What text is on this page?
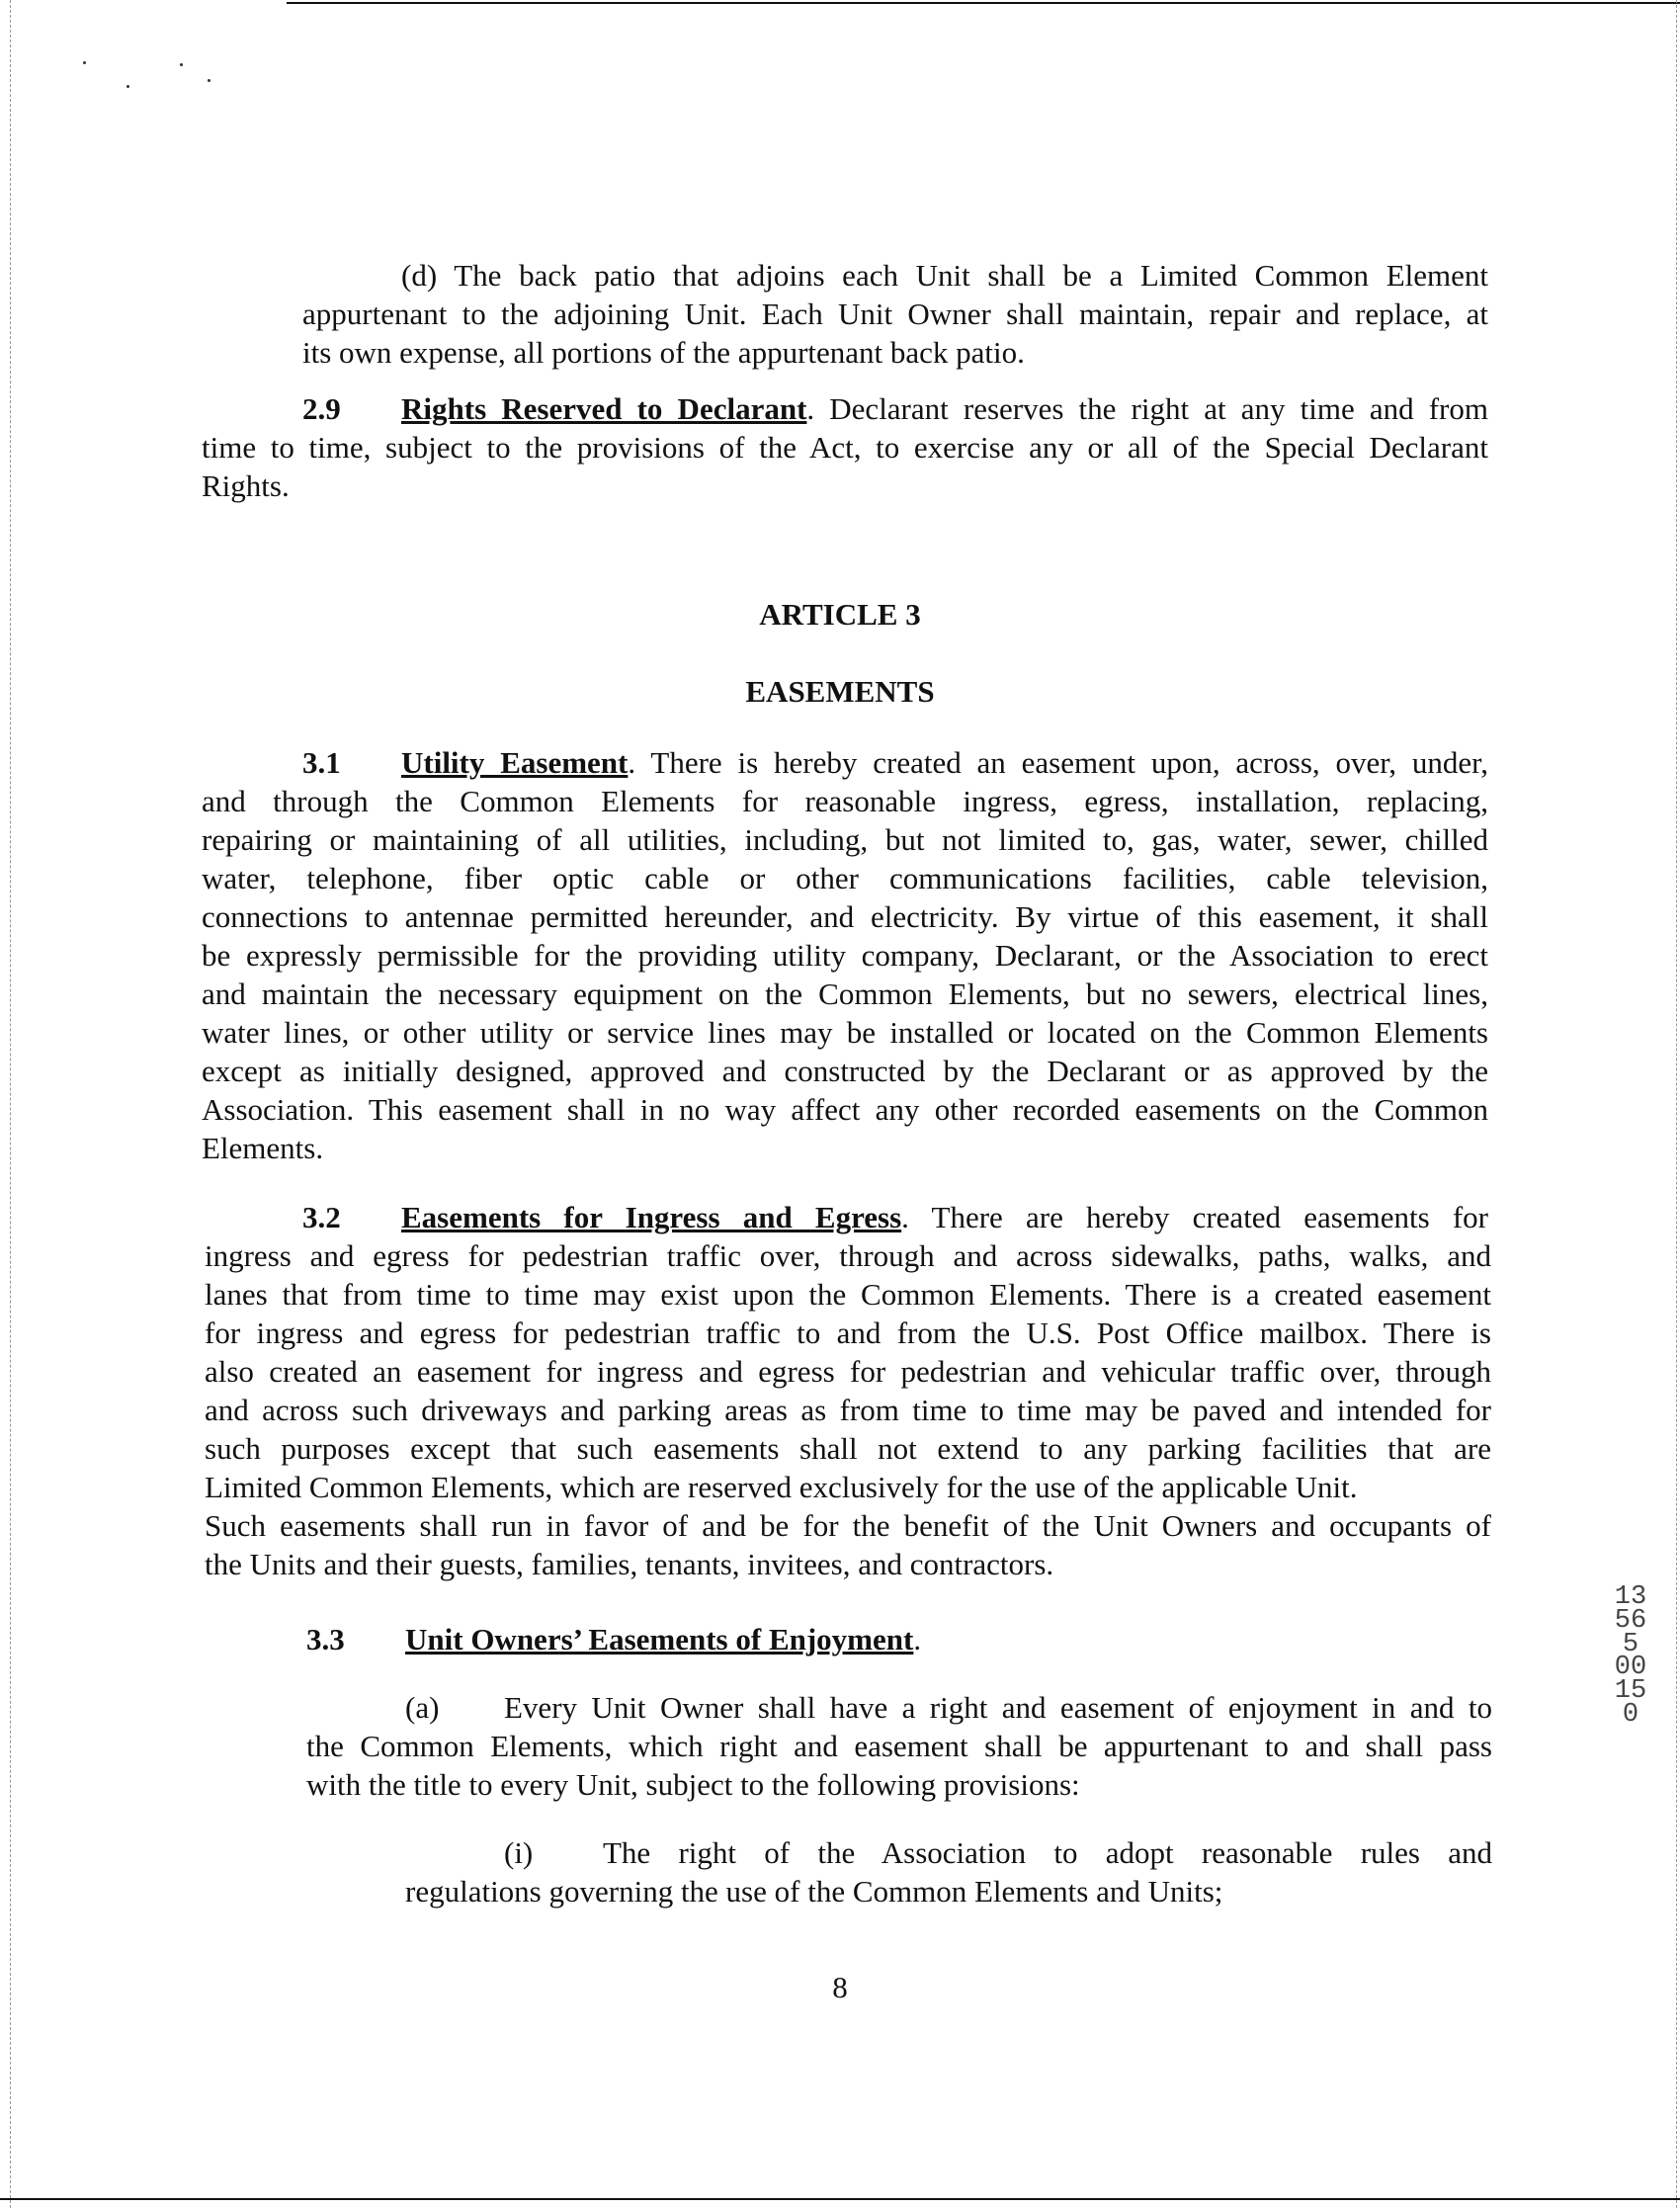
(d) The back patio that adjoins each Unit shall be a Limited Common Element

appurtenant to the adjoining Unit. Each Unit Owner shall maintain, repair and replace, at

its own expense, all portions of the appurtenant back patio.

2.9 Rights Reserved to Declarant. Declarant reserves the right at any time and from

time to time, subject to the provisions of the Act, to exercise any or all of the Special Declarant

Rights.

ARTICLE 3
EASEMENTS

3.1 Utility Easement. There is hereby created an easement upon, across, over, under,

and through the Common Elements for reasonable ingress, egress, installation, replacing,

repairing or maintaining of all utilities, including, but not limited to, gas, water, sewer, chilled

water, telephone, fiber optic cable or other communications facilities, cable television,

connections to antennae permitted hereunder, and electricity. By virtue of this easement, it shall

be expressly permissible for the providing utility company, Declarant, or the Association to erect

and maintain the necessary equipment on the Common Elements, but no sewers, electrical lines,

water lines, or other utility or service lines may be installed or located on the Common Elements

except as initially designed, approved and constructed by the Declarant or as approved by the

Association. This easement shall in no way affect any other recorded easements on the Common

Elements.

3.2 Easements for Ingress and Egress. There are hereby created easements for

ingress and egress for pedestrian traffic over, through and across sidewalks, paths, walks, and

lanes that from time to time may exist upon the Common Elements. There is a created easement

for ingress and egress for pedestrian traffic to and from the U.S. Post Office mailbox. There is

also created an easement for ingress and egress for pedestrian and vehicular traffic over, through

and across such driveways and parking areas as from time to time may be paved and intended for

such purposes except that such easements shall not extend to any parking facilities that are

Limited Common Elements, which are reserved exclusively for the use of the applicable Unit.

Such easements shall run in favor of and be for the benefit of the Unit Owners and occupants of

the Units and their guests, families, tenants, invitees, and contractors.

3.3 Unit Owners’ Easements of Enjoyment.

(a) Every Unit Owner shall have a right and easement of enjoyment in and to

the Common Elements, which right and easement shall be appurtenant to and shall pass

with the title to every Unit, subject to the following provisions:

(i) The right of the Association to adopt reasonable rules and

regulations governing the use of the Common Elements and Units;

8
13565 00150
